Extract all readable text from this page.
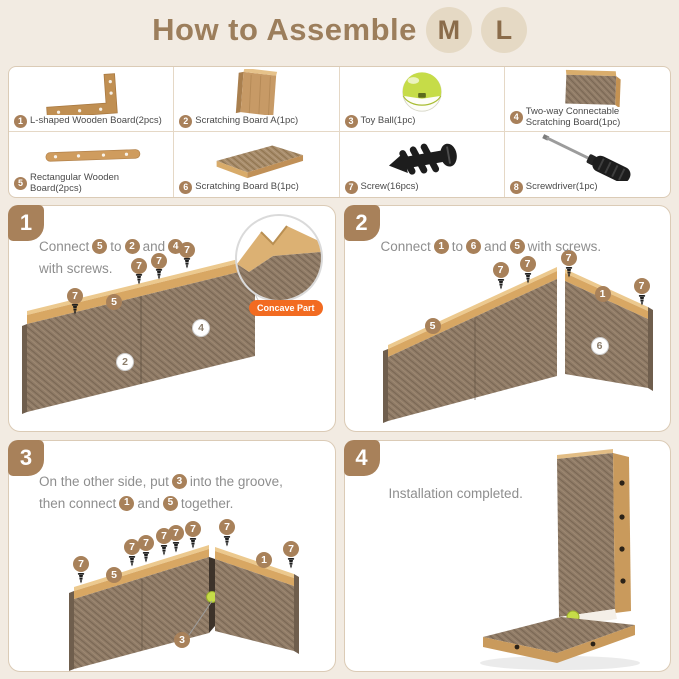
How to Assemble M	L
1 L-shaped Wooden Board(2pcs)	2 Scratching Board A(1pc)	3 Toy Ball(1pc)	4 Two-way Connectable Scratching Board(1pc)
5 Rectangular Wooden Board(2pcs)	6 Scratching Board B(1pc)	7 Screw(16pcs)	8 Screwdriver(1pc)
1
Connect 5 to 2 and 4
with screws.	7	7
7
7	5
2
4
Concave Part
2
Connect 1 to 6 and 5 with screws.
7	7	7
7
5
1
6
3
On the other side, put 3 into the groove,
then connect 1 and 5 together.
7 7
7 7	7	7
7
7
5
1
3
4
Installation completed.
